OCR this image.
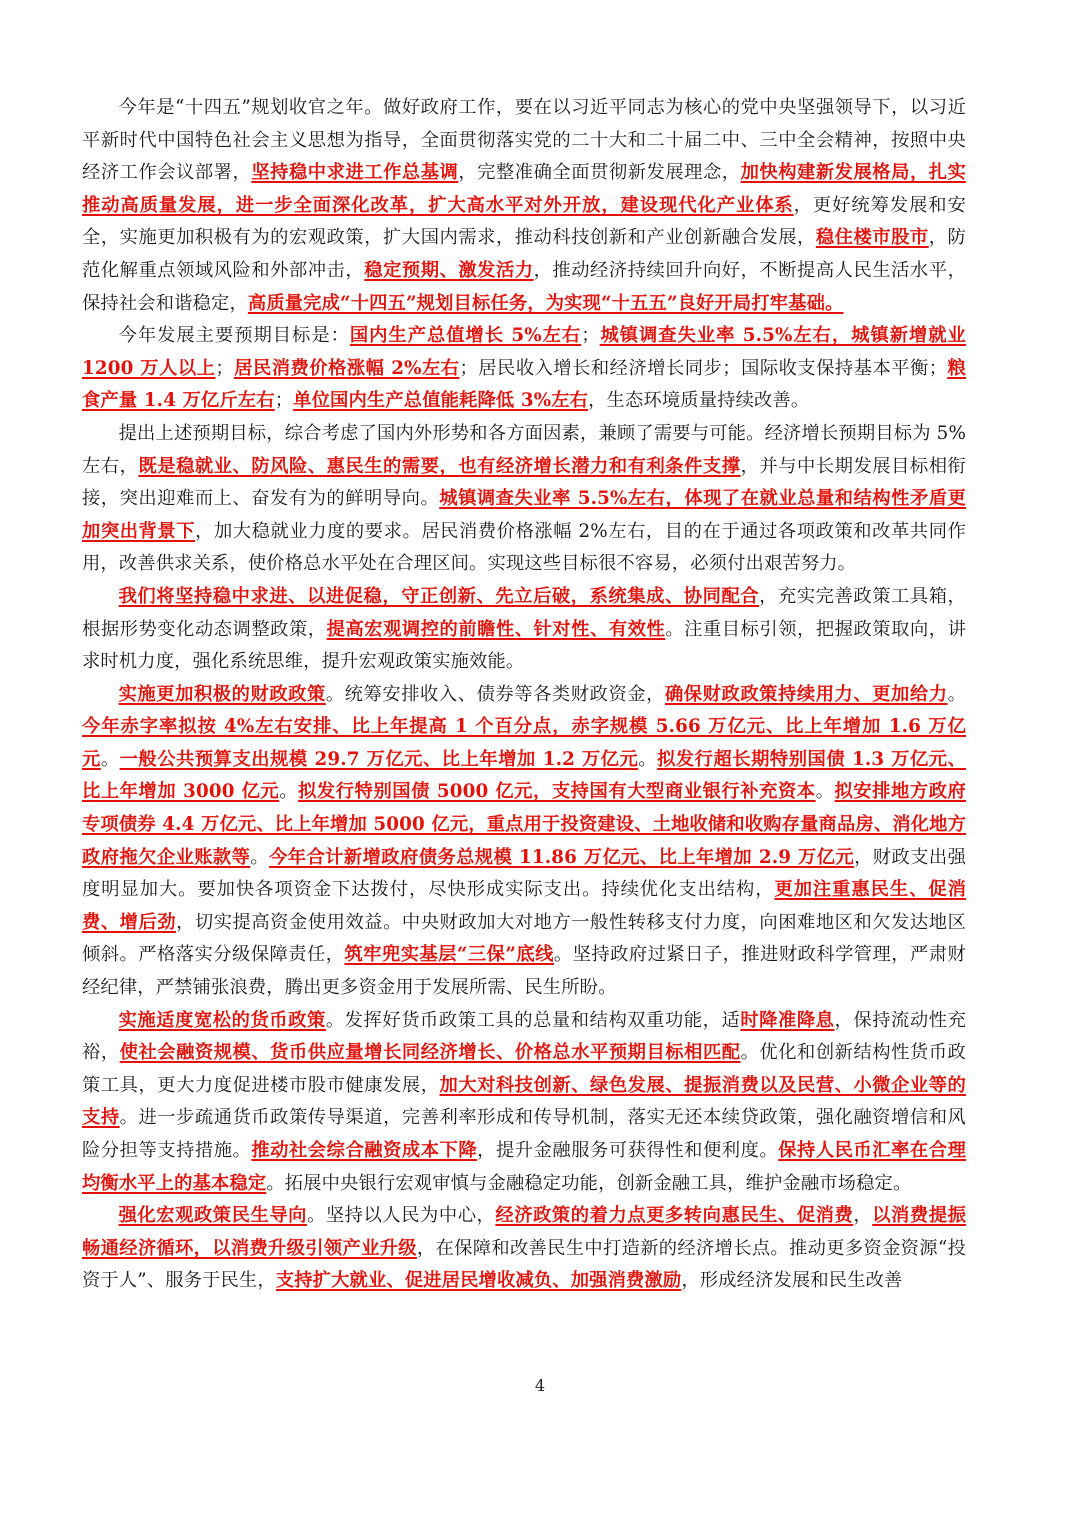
今年是“十四五”规划收官之年。做好政府工作，要在以习近平同志为核心的党中央坚强领导下，以习近平新时代中国特色社会主义思想为指导，全面贯彻落实党的二十大和二十届二中、三中全会精神，按照中央经济工作会议部署，坚持稳中求进工作总基调，完整准确全面贯彻新发展理念，加快构建新发展格局，扎实推动高质量发展，进一步全面深化改革，扩大高水平对外开放，建设现代化产业体系，更好统筹发展和安全，实施更加积极有为的宏观政策，扩大国内需求，推动科技创新和产业创新融合发展，稳住楼市股市，防范化解重点领域风险和外部冲击，稳定预期、激发活力，推动经济持续回升向好，不断提高人民生活水平，保持社会和谐稳定，高质量完成“十四五”规划目标任务，为实现“十五五”良好开局打牢基础。

今年发展主要预期目标是：国内生产总值增长 5%左右；城镇调查失业率 5.5%左右，城镇新增就业 1200 万人以上；居民消费价格涨幅 2%左右；居民收入增长和经济增长同步；国际收支保持基本平衡；粮食产量 1.4 万亿斤左右；单位国内生产总值能耗降低 3%左右，生态环境质量持续改善。

提出上述预期目标，综合考虑了国内外形势和各方面因素，兼顾了需要与可能。经济增长预期目标为 5%左右，既是稳就业、防风险、惠民生的需要，也有经济增长潜力和有利条件支撑，并与中长期发展目标相衔接，突出迎难而上、奋发有为的鲜明导向。城镇调查失业率 5.5%左右，体现了在就业总量和结构性矛盾更加突出背景下，加大稳就业力度的要求。居民消费价格涨幅 2%左右，目的在于通过各项政策和改革共同作用，改善供求关系，使价格总水平处在合理区间。实现这些目标很不容易，必须付出艰苦努力。

我们将坚持稳中求进、以进促稳，守正创新、先立后破，系统集成、协同配合，充实完善政策工具箱，根据形势变化动态调整政策，提高宏观调控的前瞻性、针对性、有效性。注重目标引领，把握政策取向，讲求时机力度，强化系统思维，提升宏观政策实施效能。

实施更加积极的财政政策。统筹安排收入、债券等各类财政资金，确保财政政策持续用力、更加给力。今年赤字率拟按 4%左右安排、比上年提高 1 个百分点，赤字规模 5.66 万亿元、比上年增加 1.6 万亿元。一般公共预算支出规模 29.7 万亿元、比上年增加 1.2 万亿元。拟发行超长期特别国债 1.3 万亿元、比上年增加 3000 亿元。拟发行特别国债 5000 亿元，支持国有大型商业银行补充资本。拟安排地方政府专项债券 4.4 万亿元、比上年增加 5000 亿元，重点用于投资建设、土地收储和收购存量商品房、消化地方政府拖欠企业账款等。今年合计新增政府债务总规模 11.86 万亿元、比上年增加 2.9 万亿元，财政支出强度明显加大。要加快各项资金下达拨付，尽快形成实际支出。持续优化支出结构，更加注重惠民生、促消费、增后劲，切实提高资金使用效益。中央财政加大对地方一般性转移支付力度，向困难地区和欠发达地区倾斜。严格落实分级保障责任，筑牢兜实基层“三保”底线。坚持政府过紧日子，推进财政科学管理，严肃财经纪律，严禁铺张浪费，腾出更多资金用于发展所需、民生所盼。

实施适度宽松的货币政策。发挥好货币政策工具的总量和结构双重功能，适时降准降息，保持流动性充裕，使社会融资规模、货币供应量增长同经济增长、价格总水平预期目标相匹配。优化和创新结构性货币政策工具，更大力度促进楼市股市健康发展，加大对科技创新、绿色发展、提振消费以及民营、小微企业等的支持。进一步疏通货币政策传导渠道，完善利率形成和传导机制，落实无还本续贷政策，强化融资增信和风险分担等支持措施。推动社会综合融资成本下降，提升金融服务可获得性和便利度。保持人民币汇率在合理均衡水平上的基本稳定。拓展中央银行宏观审慎与金融稳定功能，创新金融工具，维护金融市场稳定。

强化宏观政策民生导向。坚持以人民为中心，经济政策的着力点更多转向惠民生、促消费，以消费提振畅通经济循环，以消费升级引领产业升级，在保障和改善民生中打造新的经济增长点。推动更多资金资源“投资于人”、服务于民生，支持扩大就业、促进居民增收减负、加强消费激励，形成经济发展和民生改善

4
